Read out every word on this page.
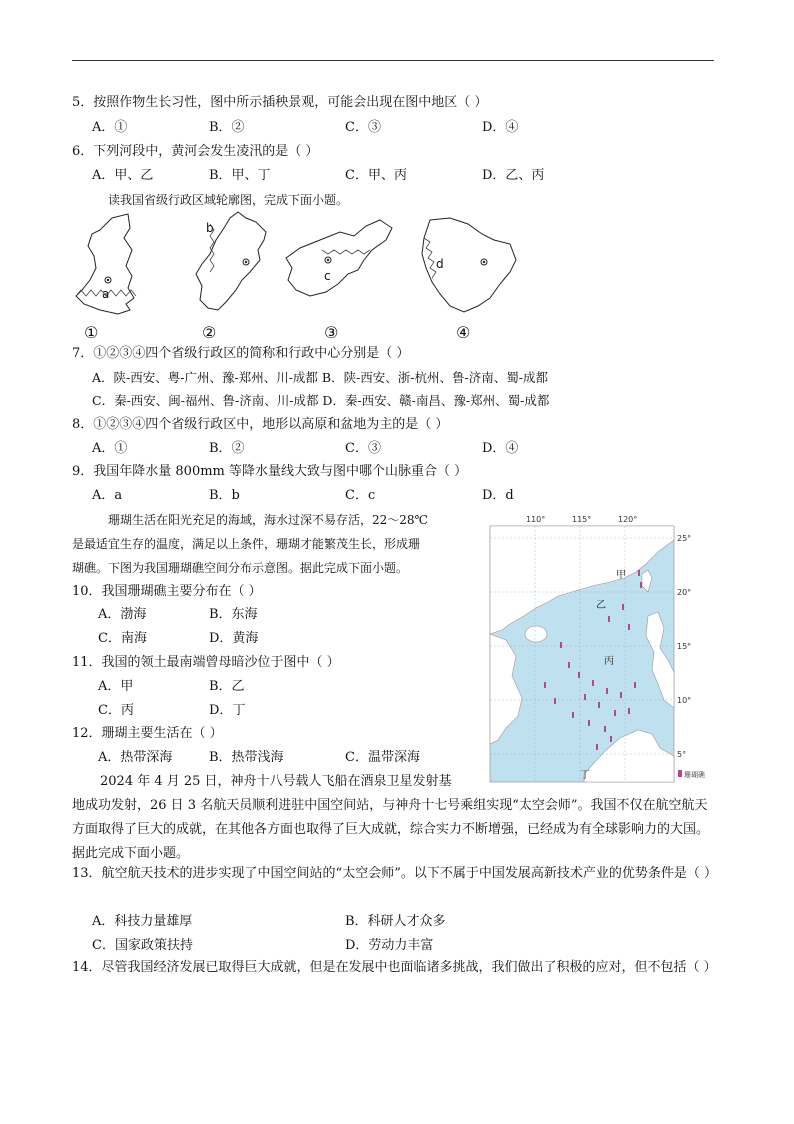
5．按照作物生长习性，图中所示插秧景观，可能会出现在图中地区（ ）
A．①	B．②	C．③	D．④
6．下列河段中，黄河会发生凌汛的是（ ）
A．甲、乙	B．甲、丁	C．甲、丙	D．乙、丙
读我国省级行政区域轮廓图，完成下面小题。
a
b
c
d
①	②	③	④
7．①②③④四个省级行政区的简称和行政中心分别是（ ）
A．陕-西安、粤-广州、豫-郑州、川-成都 B．陕-西安、浙-杭州、鲁-济南、蜀-成都
C．秦-西安、闽-福州、鲁-济南、川-成都 D．秦-西安、赣-南昌、豫-郑州、蜀-成都
8．①②③④四个省级行政区中，地形以高原和盆地为主的是（ ）
A．①	B．②	C．③	D．④
9．我国年降水量 800mm 等降水量线大致与图中哪个山脉重合（ ）
A．a	B．b	C．c	D．d
珊瑚生活在阳光充足的海域，海水过深不易存活，22～28℃
是最适宜生存的温度，满足以上条件，珊瑚才能繁茂生长，形成珊
瑚礁。下图为我国珊瑚礁空间分布示意图。据此完成下面小题。
10．我国珊瑚礁主要分布在（ ）
A．渤海	B．东海
C．南海	D．黄海
11．我国的领土最南端曾母暗沙位于图中（ ）
A．甲	B．乙
C．丙	D．丁
12．珊瑚主要生活在（ ）
A．热带深海	B．热带浅海	C．温带深海
110°	115°	120°
25°
20°
15°
10°
5°
甲
乙
丙
丁	珊瑚礁
2024 年 4 月 25 日，神舟十八号载人飞船在酒泉卫星发射基
地成功发射，26 日 3 名航天员顺利进驻中国空间站，与神舟十七号乘组实现“太空会师”。我国不仅在航空航天方面取得了巨大的成就，在其他各方面也取得了巨大成就，综合实力不断增强，已经成为有全球影响力的大国。据此完成下面小题。
13．航空航天技术的进步实现了中国空间站的“太空会师”。以下不属于中国发展高新技术产业的优势条件是（ ）
A．科技力量雄厚	B．科研人才众多
C．国家政策扶持	D．劳动力丰富
14．尽管我国经济发展已取得巨大成就，但是在发展中也面临诸多挑战，我们做出了积极的应对，但不包括（ ）
